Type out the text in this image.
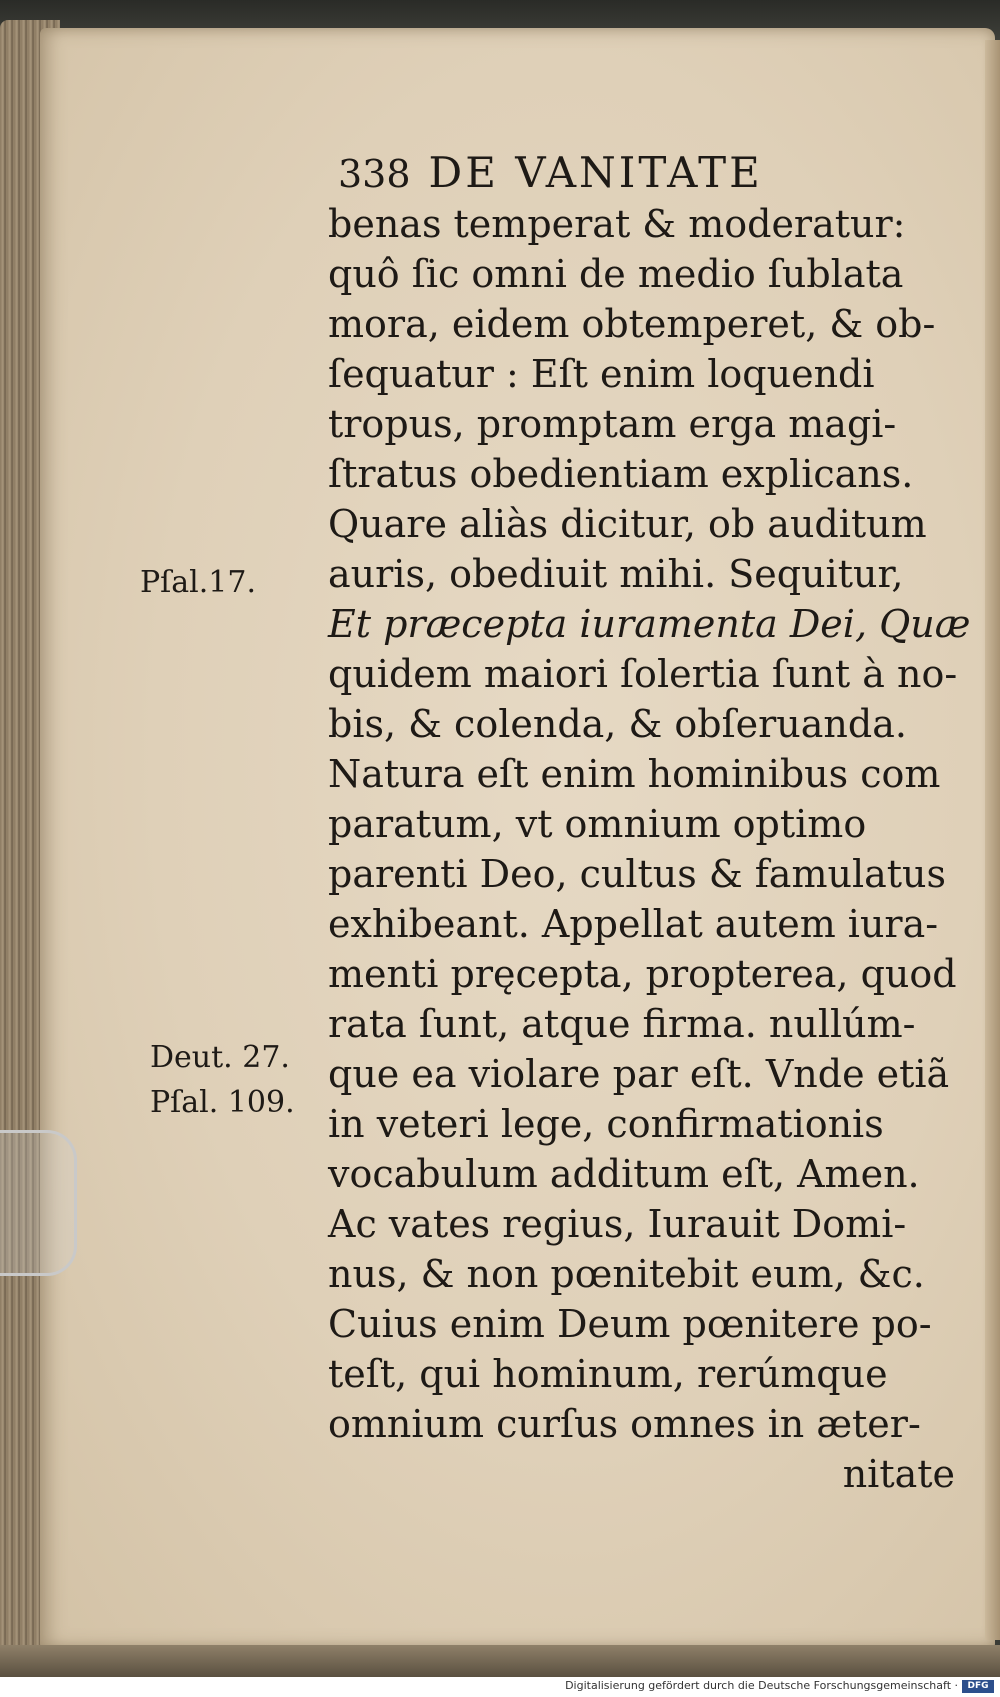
338 DE VANITATE
benas temperat & moderatur:
quô ſic omni de medio ſublata
mora, eidem obtemperet, & ob-
ſequatur : Eſt enim loquendi
tropus, promptam erga magi-
ſtratus obedientiam explicans.
Quare aliàs dicitur, ob auditum
auris, obediuit mihi. Sequitur,
Et præcepta iuramenta Dei, Quæ
quidem maiori ſolertia ſunt à no-
bis, & colenda, & obſeruanda.
Natura eſt enim hominibus com
paratum, vt omnium optimo
parenti Deo, cultus & famulatus
exhibeant. Appellat autem iura-
menti pręcepta, propterea, quod
rata ſunt, atque firma. nullúm-
que ea violare par eſt. Vnde etiã
in veteri lege, confirmationis
vocabulum additum eſt, Amen.
Ac vates regius, Iurauit Domi-
nus, & non pœnitebit eum, &c.
Cuius enim Deum pœnitere po-
teſt, qui hominum, rerúmque
omnium curſus omnes in æter-
nitate
Pſal.17.
Deut. 27.
Pſal. 109.
Digitalisierung gefördert durch die Deutsche Forschungsgemeinschaft ·	DFG
